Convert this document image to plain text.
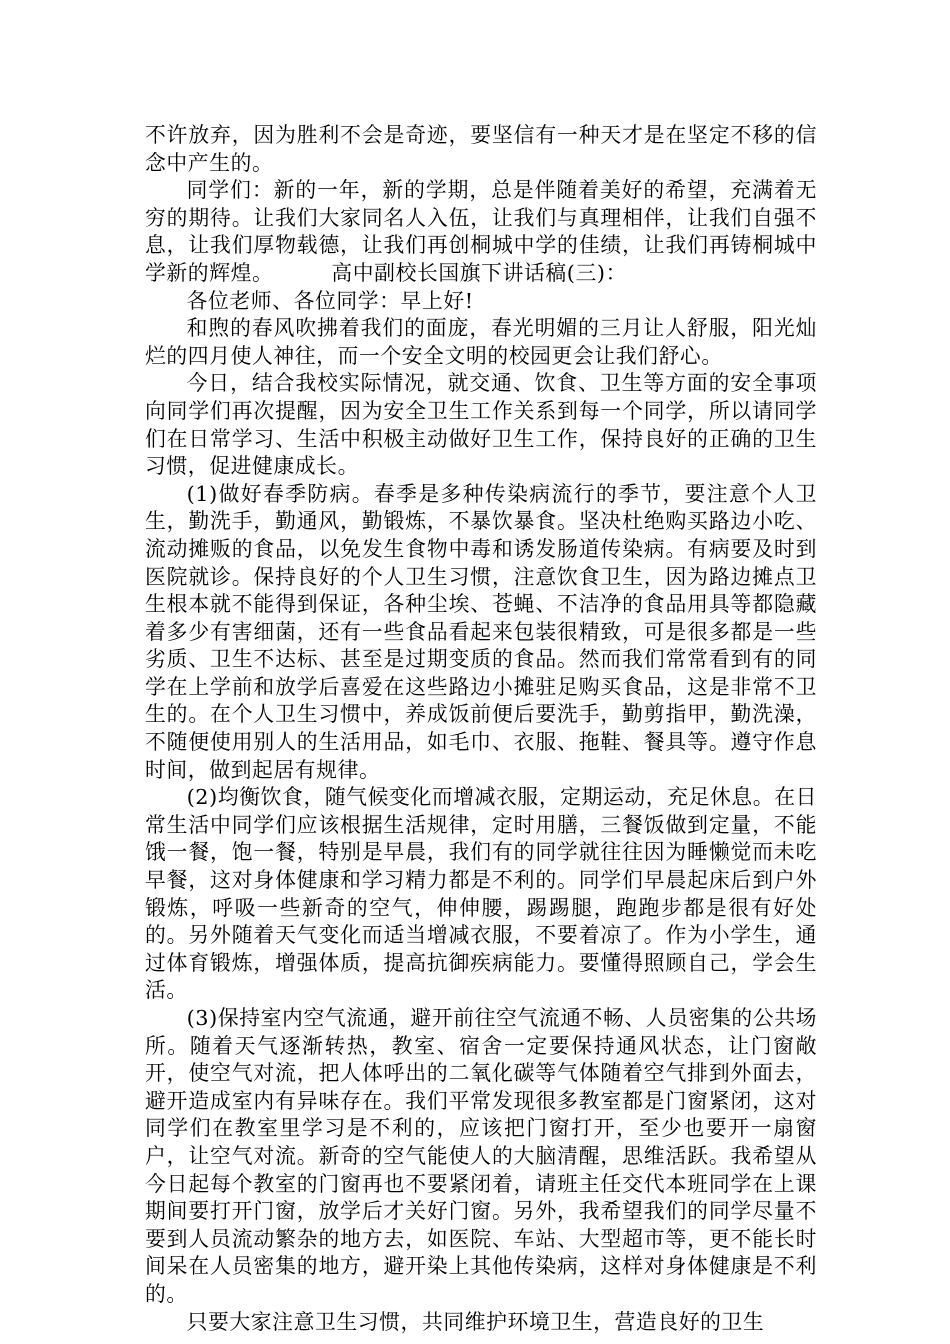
不许放弃，因为胜利不会是奇迹，要坚信有一种天才是在坚定不移的信念中产生的。

同学们：新的一年，新的学期，总是伴随着美好的希望，充满着无穷的期待。让我们大家同名人入伍，让我们与真理相伴，让我们自强不息，让我们厚物载德，让我们再创桐城中学的佳绩，让我们再铸桐城中学新的辉煌。	高中副校长国旗下讲话稿(三)：

各位老师、各位同学：早上好!

和煦的春风吹拂着我们的面庞，春光明媚的三月让人舒服，阳光灿烂的四月使人神往，而一个安全文明的校园更会让我们舒心。

今日，结合我校实际情况，就交通、饮食、卫生等方面的安全事项向同学们再次提醒，因为安全卫生工作关系到每一个同学，所以请同学们在日常学习、生活中积极主动做好卫生工作，保持良好的正确的卫生习惯，促进健康成长。

(1)做好春季防病。春季是多种传染病流行的季节，要注意个人卫生，勤洗手，勤通风，勤锻炼，不暴饮暴食。坚决杜绝购买路边小吃、流动摊贩的食品，以免发生食物中毒和诱发肠道传染病。有病要及时到医院就诊。保持良好的个人卫生习惯，注意饮食卫生，因为路边摊点卫生根本就不能得到保证，各种尘埃、苍蝇、不洁净的食品用具等都隐藏着多少有害细菌，还有一些食品看起来包装很精致，可是很多都是一些劣质、卫生不达标、甚至是过期变质的食品。然而我们常常看到有的同学在上学前和放学后喜爱在这些路边小摊驻足购买食品，这是非常不卫生的。在个人卫生习惯中，养成饭前便后要洗手，勤剪指甲，勤洗澡，不随便使用别人的生活用品，如毛巾、衣服、拖鞋、餐具等。遵守作息时间，做到起居有规律。

(2)均衡饮食，随气候变化而增减衣服，定期运动，充足休息。在日常生活中同学们应该根据生活规律，定时用膳，三餐饭做到定量，不能饿一餐，饱一餐，特别是早晨，我们有的同学就往往因为睡懒觉而未吃早餐，这对身体健康和学习精力都是不利的。同学们早晨起床后到户外锻炼，呼吸一些新奇的空气，伸伸腰，踢踢腿，跑跑步都是很有好处的。另外随着天气变化而适当增减衣服，不要着凉了。作为小学生，通过体育锻炼，增强体质，提高抗御疾病能力。要懂得照顾自己，学会生活。

(3)保持室内空气流通，避开前往空气流通不畅、人员密集的公共场所。随着天气逐渐转热，教室、宿舍一定要保持通风状态，让门窗敞开，使空气对流，把人体呼出的二氧化碳等气体随着空气排到外面去，避开造成室内有异味存在。我们平常发现很多教室都是门窗紧闭，这对同学们在教室里学习是不利的，应该把门窗打开，至少也要开一扇窗户，让空气对流。新奇的空气能使人的大脑清醒，思维活跃。我希望从今日起每个教室的门窗再也不要紧闭着，请班主任交代本班同学在上课期间要打开门窗，放学后才关好门窗。另外，我希望我们的同学尽量不要到人员流动繁杂的地方去，如医院、车站、大型超市等，更不能长时间呆在人员密集的地方，避开染上其他传染病，这样对身体健康是不利的。

只要大家注意卫生习惯，共同维护环境卫生，营造良好的卫生
